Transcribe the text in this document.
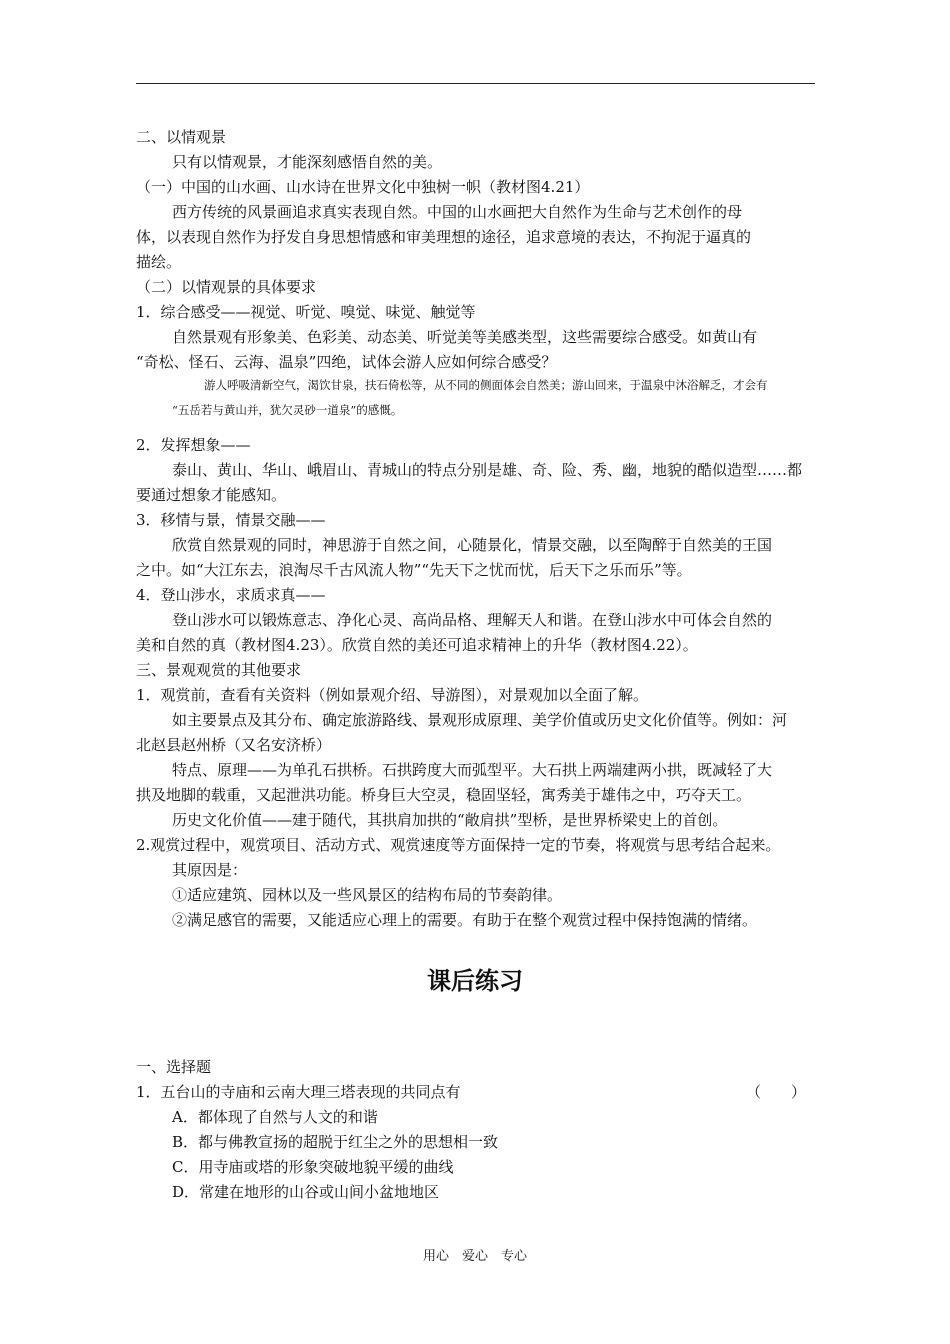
二、以情观景
只有以情观景，才能深刻感悟自然的美。
（一）中国的山水画、山水诗在世界文化中独树一帜（教材图4.21）
西方传统的风景画追求真实表现自然。中国的山水画把大自然作为生命与艺术创作的母
体，以表现自然作为抒发自身思想情感和审美理想的途径，追求意境的表达，不拘泥于逼真的
描绘。
（二）以情观景的具体要求
1．综合感受——视觉、听觉、嗅觉、味觉、触觉等
自然景观有形象美、色彩美、动态美、听觉美等美感类型，这些需要综合感受。如黄山有
“奇松、怪石、云海、温泉”四绝，试体会游人应如何综合感受？
游人呼吸清新空气，渴饮甘泉，扶石倚松等，从不同的侧面体会自然美；游山回来，于温泉中沐浴解乏，才会有
“五岳若与黄山并，犹欠灵砂一道泉”的感慨。
2．发挥想象——
泰山、黄山、华山、峨眉山、青城山的特点分别是雄、奇、险、秀、幽，地貌的酷似造型……都
要通过想象才能感知。
3．移情与景，情景交融——
欣赏自然景观的同时，神思游于自然之间，心随景化，情景交融，以至陶醉于自然美的王国
之中。如“大江东去，浪淘尽千古风流人物”“先天下之忧而忧，后天下之乐而乐”等。
4．登山涉水，求质求真——
登山涉水可以锻炼意志、净化心灵、高尚品格、理解天人和谐。在登山涉水中可体会自然的
美和自然的真（教材图4.23）。欣赏自然的美还可追求精神上的升华（教材图4.22）。
三、景观观赏的其他要求
1．观赏前，查看有关资料（例如景观介绍、导游图），对景观加以全面了解。
如主要景点及其分布、确定旅游路线、景观形成原理、美学价值或历史文化价值等。例如：河
北赵县赵州桥（又名安济桥）
特点、原理——为单孔石拱桥。石拱跨度大而弧型平。大石拱上两端建两小拱，既减轻了大
拱及地脚的载重，又起泄洪功能。桥身巨大空灵，稳固坚轻，寓秀美于雄伟之中，巧夺天工。
历史文化价值——建于随代，其拱肩加拱的“敞肩拱”型桥，是世界桥梁史上的首创。
2.观赏过程中，观赏项目、活动方式、观赏速度等方面保持一定的节奏，将观赏与思考结合起来。
其原因是：
①适应建筑、园林以及一些风景区的结构布局的节奏韵律。
②满足感官的需要，又能适应心理上的需要。有助于在整个观赏过程中保持饱满的情绪。
课后练习
一、选择题
1．五台山的寺庙和云南大理三塔表现的共同点有	（　　）
A．都体现了自然与人文的和谐
B．都与佛教宣扬的超脱于红尘之外的思想相一致
C．用寺庙或塔的形象突破地貌平缓的曲线
D．常建在地形的山谷或山间小盆地地区
用心　爱心　专心
